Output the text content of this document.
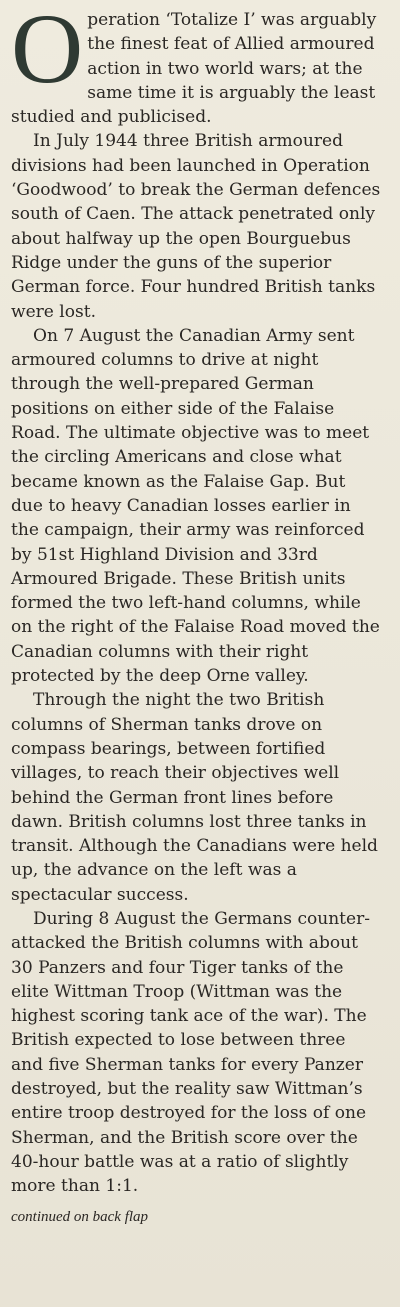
O peration ‘Totalize I’ was arguably the finest feat of Allied armoured action in two world wars; at the same time it is arguably the least studied and publicised.

In July 1944 three British armoured divisions had been launched in Operation ‘Goodwood’ to break the German defences south of Caen. The attack penetrated only about halfway up the open Bourguebus Ridge under the guns of the superior German force. Four hundred British tanks were lost.

On 7 August the Canadian Army sent armoured columns to drive at night through the well-prepared German positions on either side of the Falaise Road. The ultimate objective was to meet the circling Americans and close what became known as the Falaise Gap. But due to heavy Canadian losses earlier in the campaign, their army was reinforced by 51st Highland Division and 33rd Armoured Brigade. These British units formed the two left-hand columns, while on the right of the Falaise Road moved the Canadian columns with their right protected by the deep Orne valley.

Through the night the two British columns of Sherman tanks drove on compass bearings, between fortified villages, to reach their objectives well behind the German front lines before dawn. British columns lost three tanks in transit. Although the Canadians were held up, the advance on the left was a spectacular success.

During 8 August the Germans counter-attacked the British columns with about 30 Panzers and four Tiger tanks of the elite Wittman Troop (Wittman was the highest scoring tank ace of the war). The British expected to lose between three and five Sherman tanks for every Panzer destroyed, but the reality saw Wittman’s entire troop destroyed for the loss of one Sherman, and the British score over the 40-hour battle was at a ratio of slightly more than 1:1.

continued on back flap
